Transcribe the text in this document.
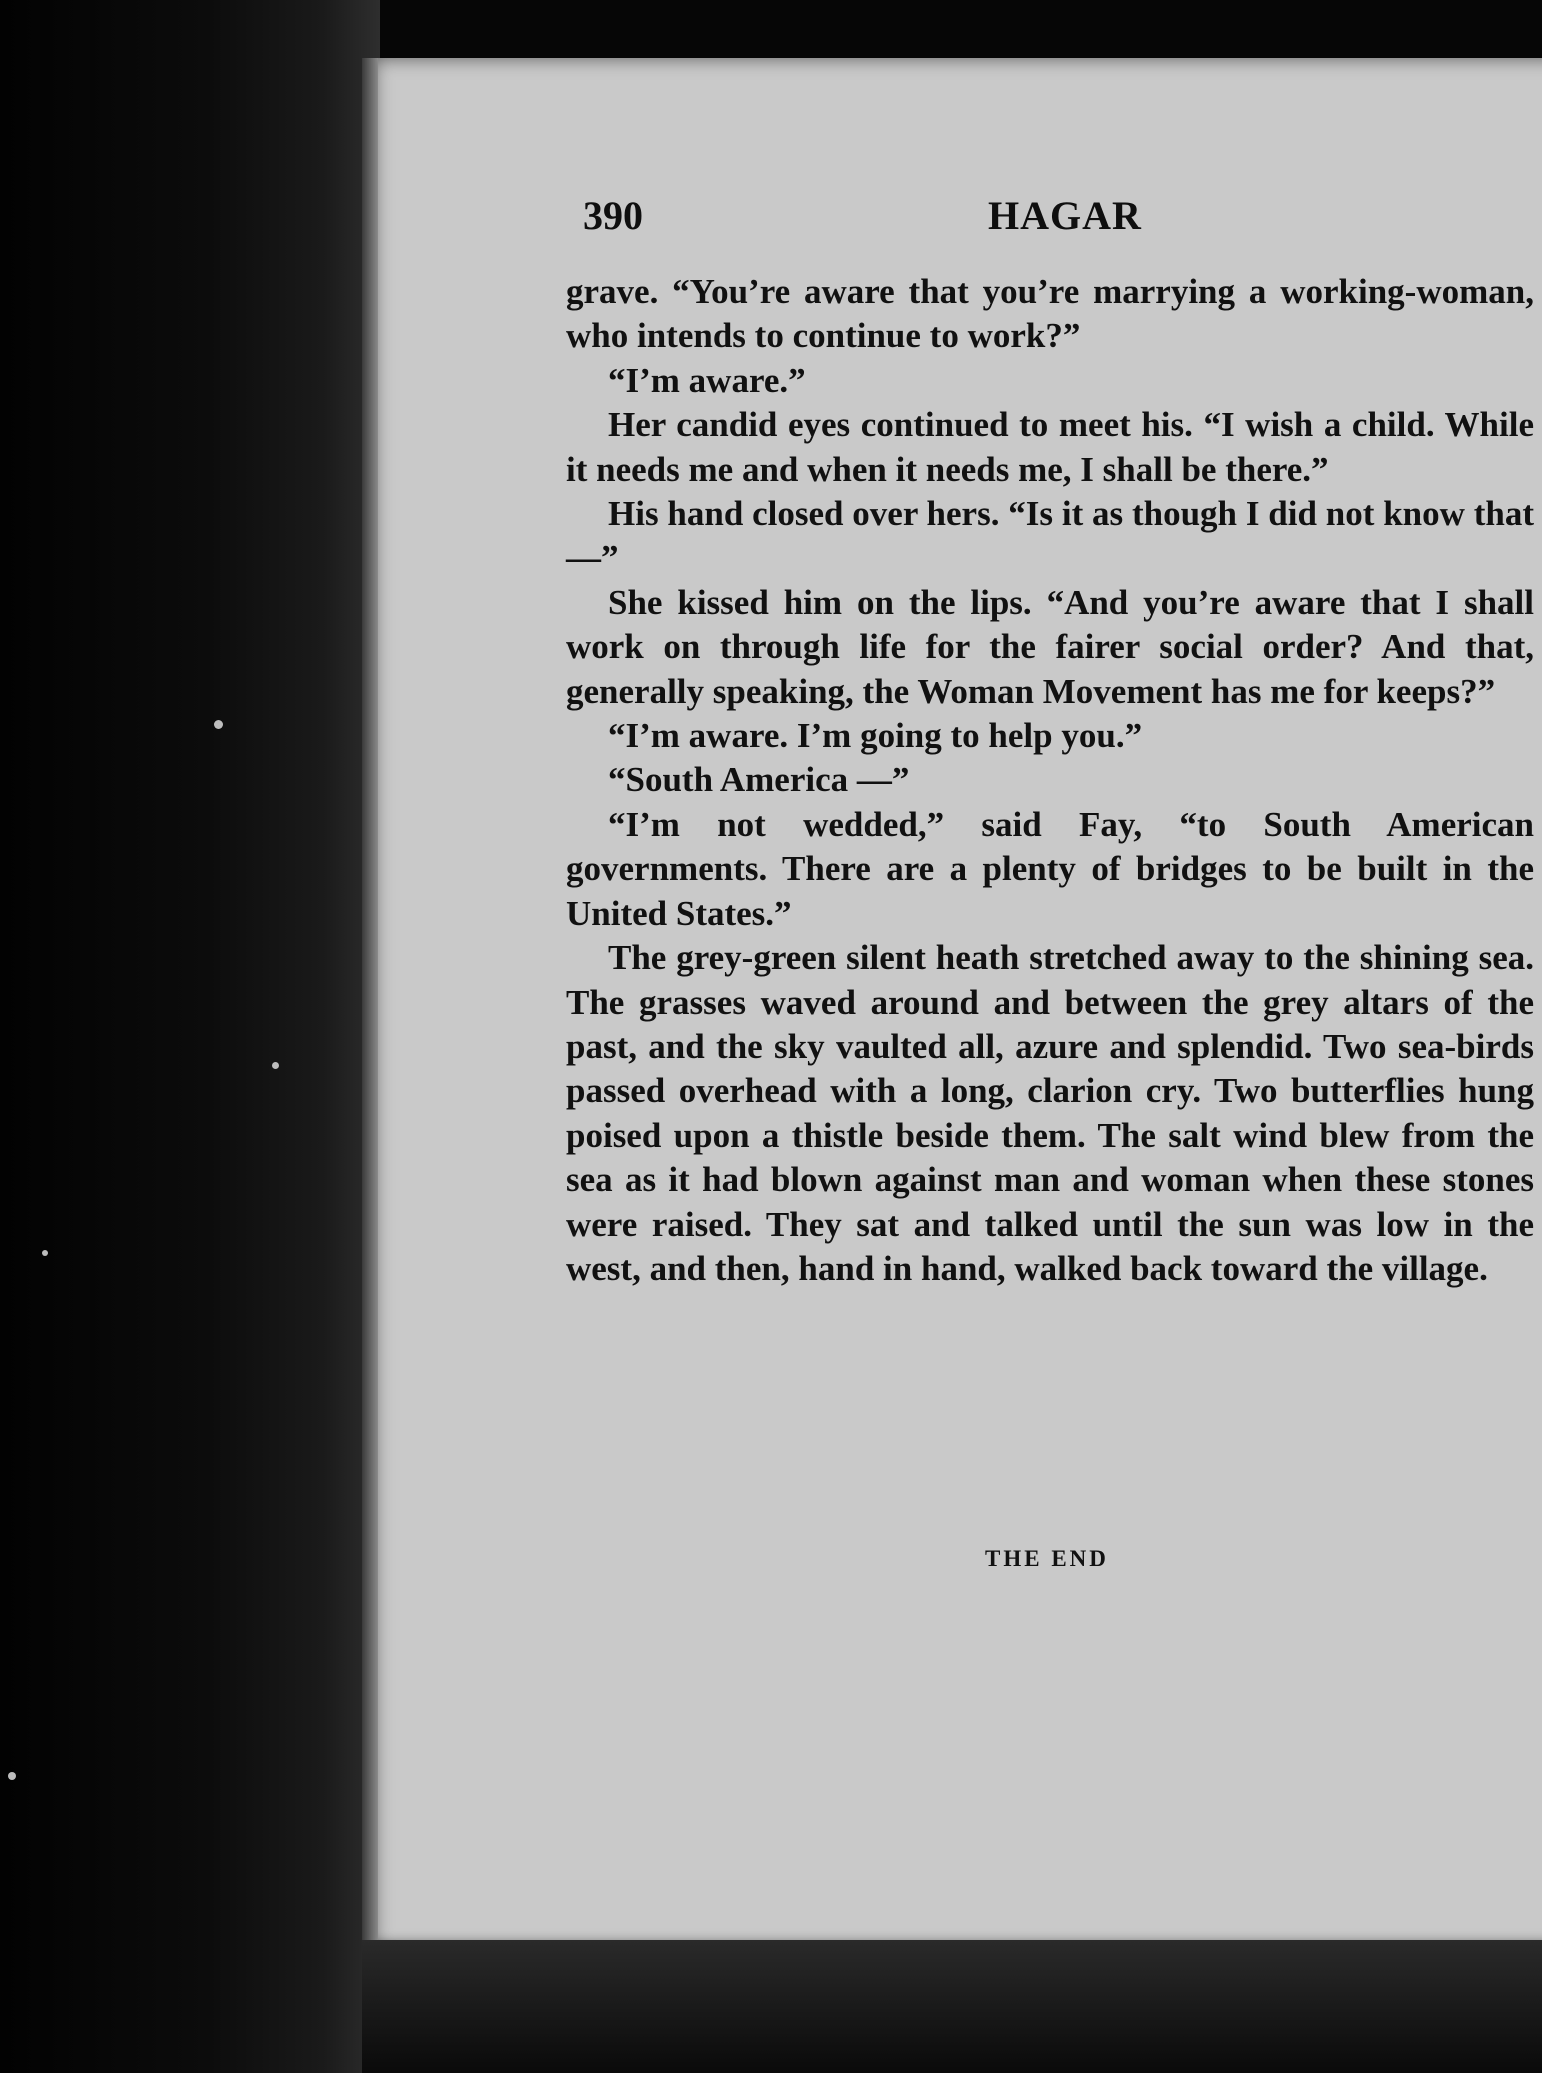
390	HAGAR

grave. “You’re aware that you’re marrying a working-woman, who intends to continue to work?”

“I’m aware.”

Her candid eyes continued to meet his. “I wish a child. While it needs me and when it needs me, I shall be there.”

His hand closed over hers. “Is it as though I did not know that —”

She kissed him on the lips. “And you’re aware that I shall work on through life for the fairer social order? And that, generally speaking, the Woman Movement has me for keeps?”

“I’m aware. I’m going to help you.”

“South America —”

“I’m not wedded,” said Fay, “to South American governments. There are a plenty of bridges to be built in the United States.”

The grey-green silent heath stretched away to the shining sea. The grasses waved around and between the grey altars of the past, and the sky vaulted all, azure and splendid. Two sea-birds passed overhead with a long, clarion cry. Two butterflies hung poised upon a thistle beside them. The salt wind blew from the sea as it had blown against man and woman when these stones were raised. They sat and talked until the sun was low in the west, and then, hand in hand, walked back toward the village.

THE END
